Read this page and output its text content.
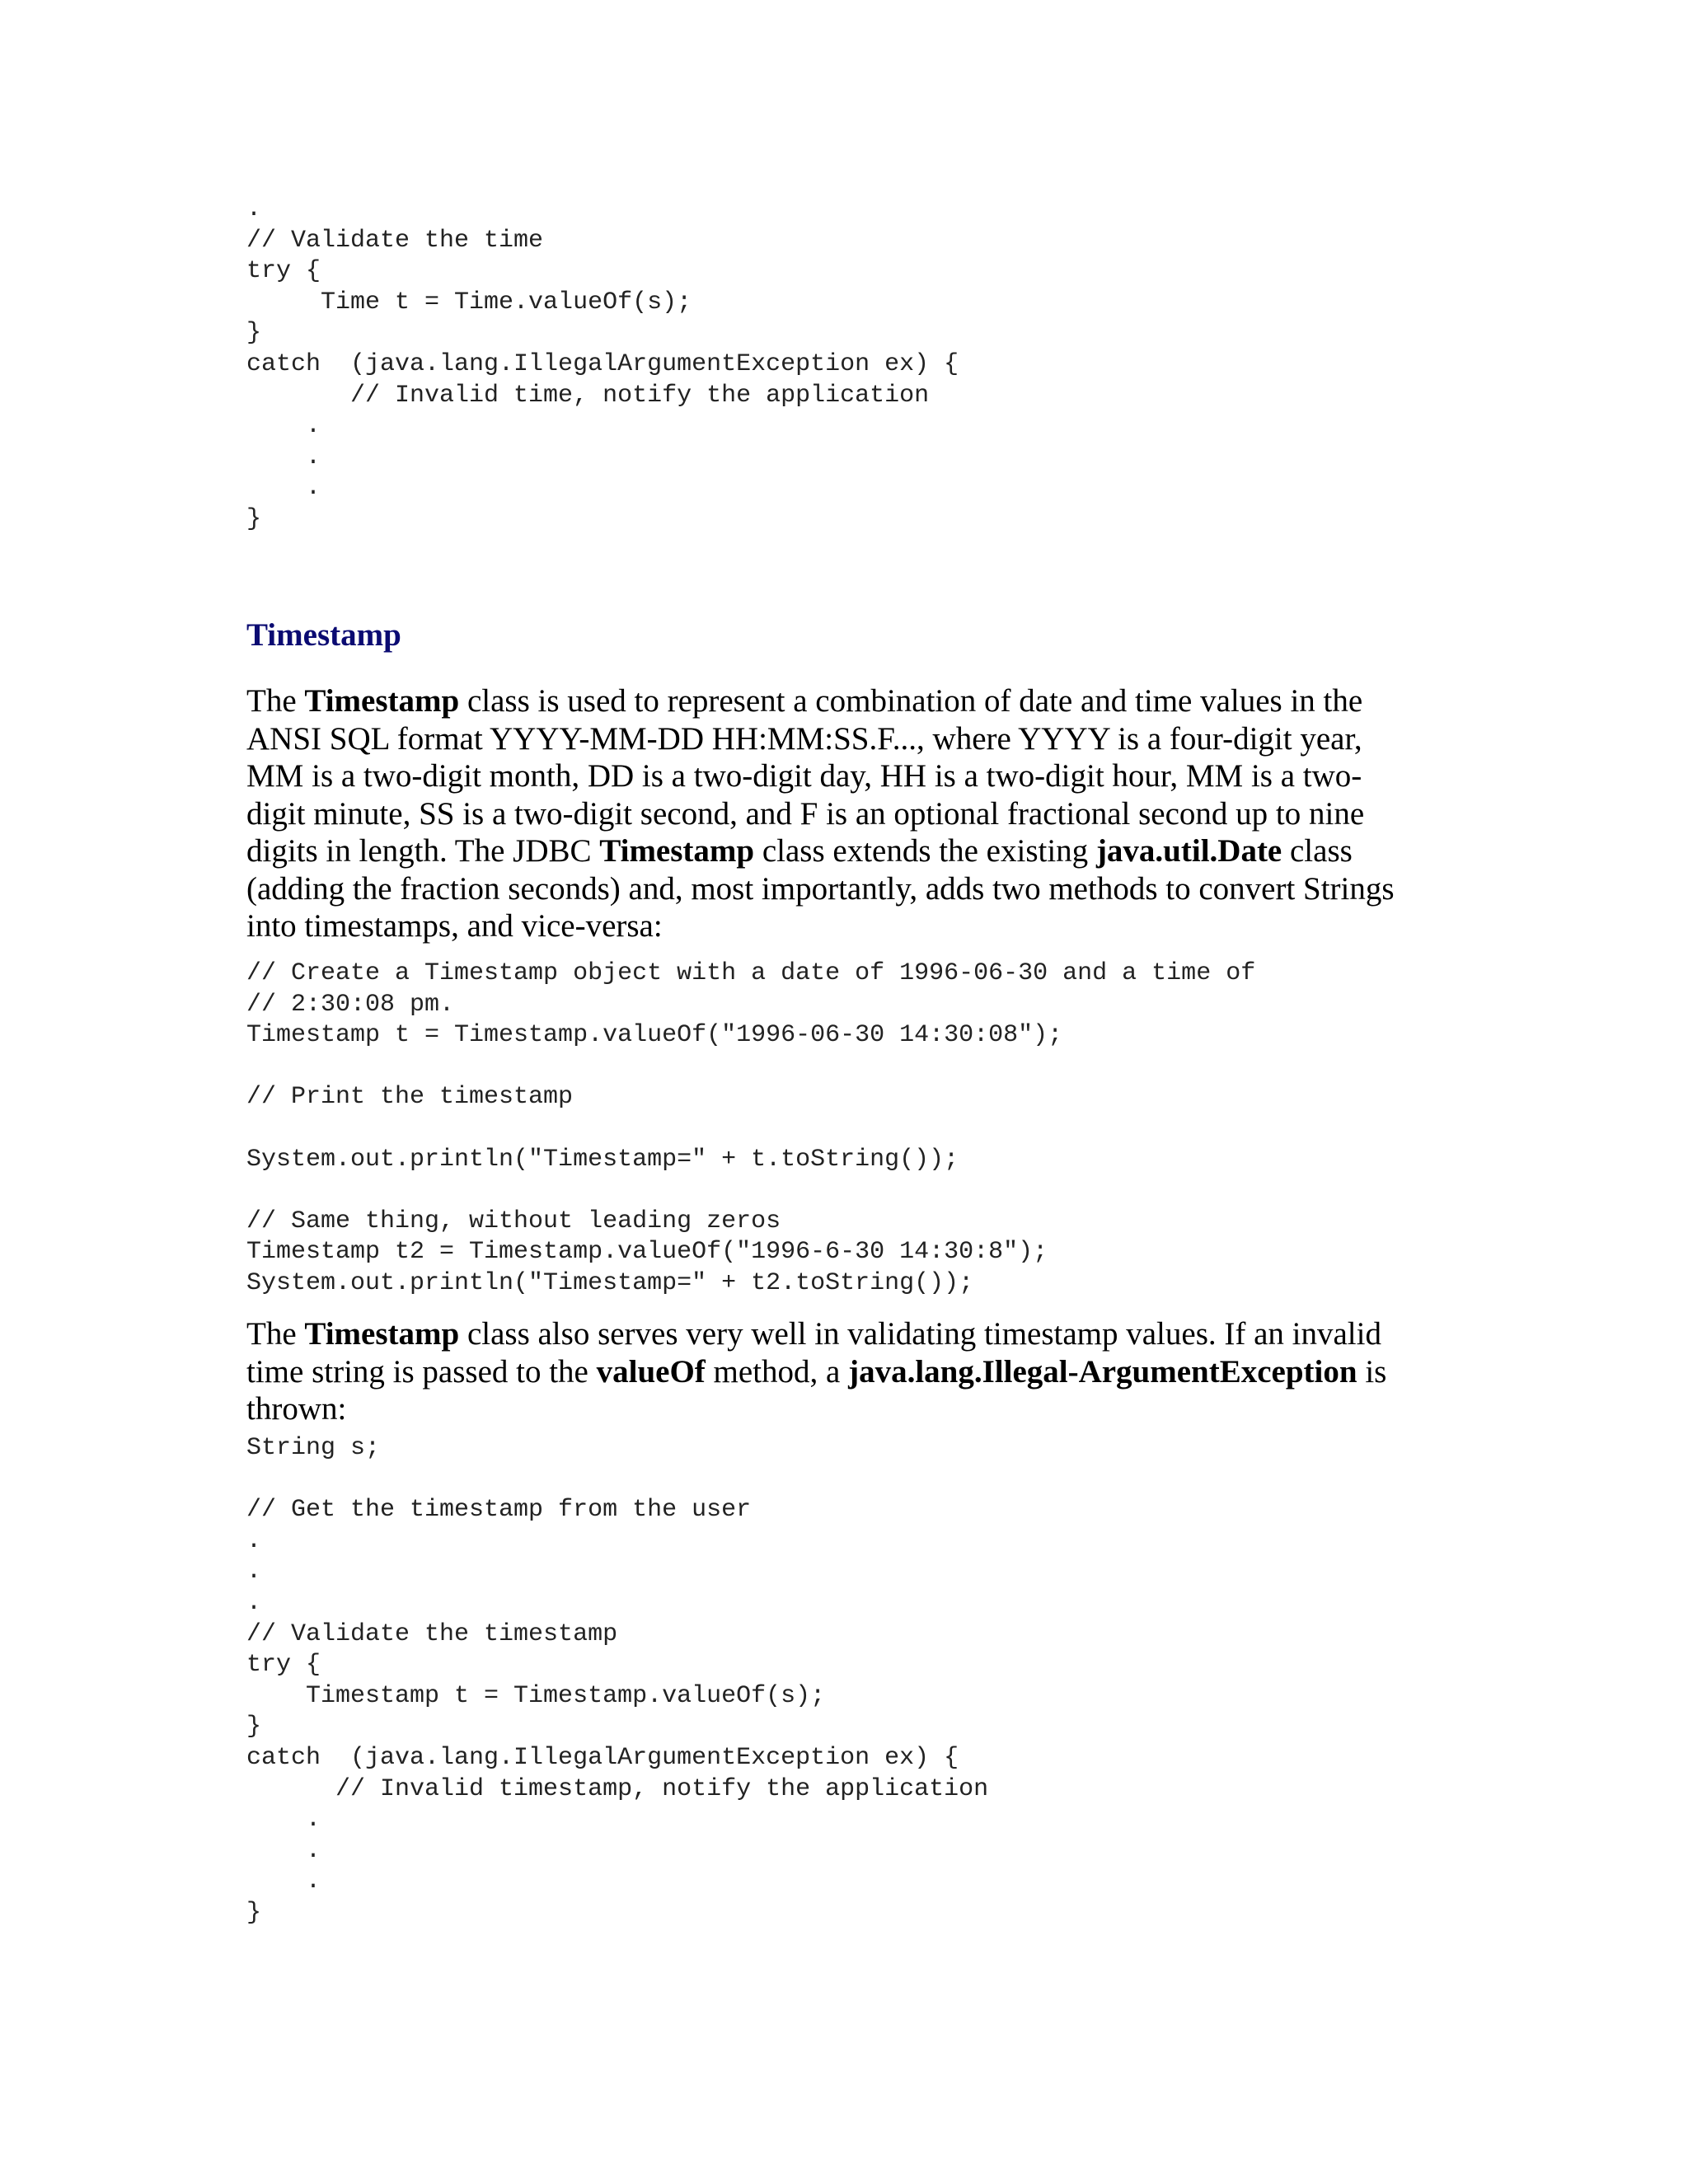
.
// Validate the time
try {
Time t = Time.valueOf(s);
}
catch  (java.lang.IllegalArgumentException ex) {
// Invalid time, notify the application
.
.
.
}
Timestamp
The Timestamp class is used to represent a combination of date and time values in the
ANSI SQL format YYYY-MM-DD HH:MM:SS.F..., where YYYY is a four-digit year,
MM is a two-digit month, DD is a two-digit day, HH is a two-digit hour, MM is a two-
digit minute, SS is a two-digit second, and F is an optional fractional second up to nine
digits in length. The JDBC Timestamp class extends the existing java.util.Date class
(adding the fraction seconds) and, most importantly, adds two methods to convert Strings
into timestamps, and vice-versa:
// Create a Timestamp object with a date of 1996-06-30 and a time of
// 2:30:08 pm.
Timestamp t = Timestamp.valueOf("1996-06-30 14:30:08");

// Print the timestamp

System.out.println("Timestamp=" + t.toString());

// Same thing, without leading zeros
Timestamp t2 = Timestamp.valueOf("1996-6-30 14:30:8");
System.out.println("Timestamp=" + t2.toString());
The Timestamp class also serves very well in validating timestamp values. If an invalid
time string is passed to the valueOf method, a java.lang.Illegal-ArgumentException is
thrown:
String s;

// Get the timestamp from the user
.
.
.
// Validate the timestamp
try {
Timestamp t = Timestamp.valueOf(s);
}
catch  (java.lang.IllegalArgumentException ex) {
// Invalid timestamp, notify the application
.
.
.
}
